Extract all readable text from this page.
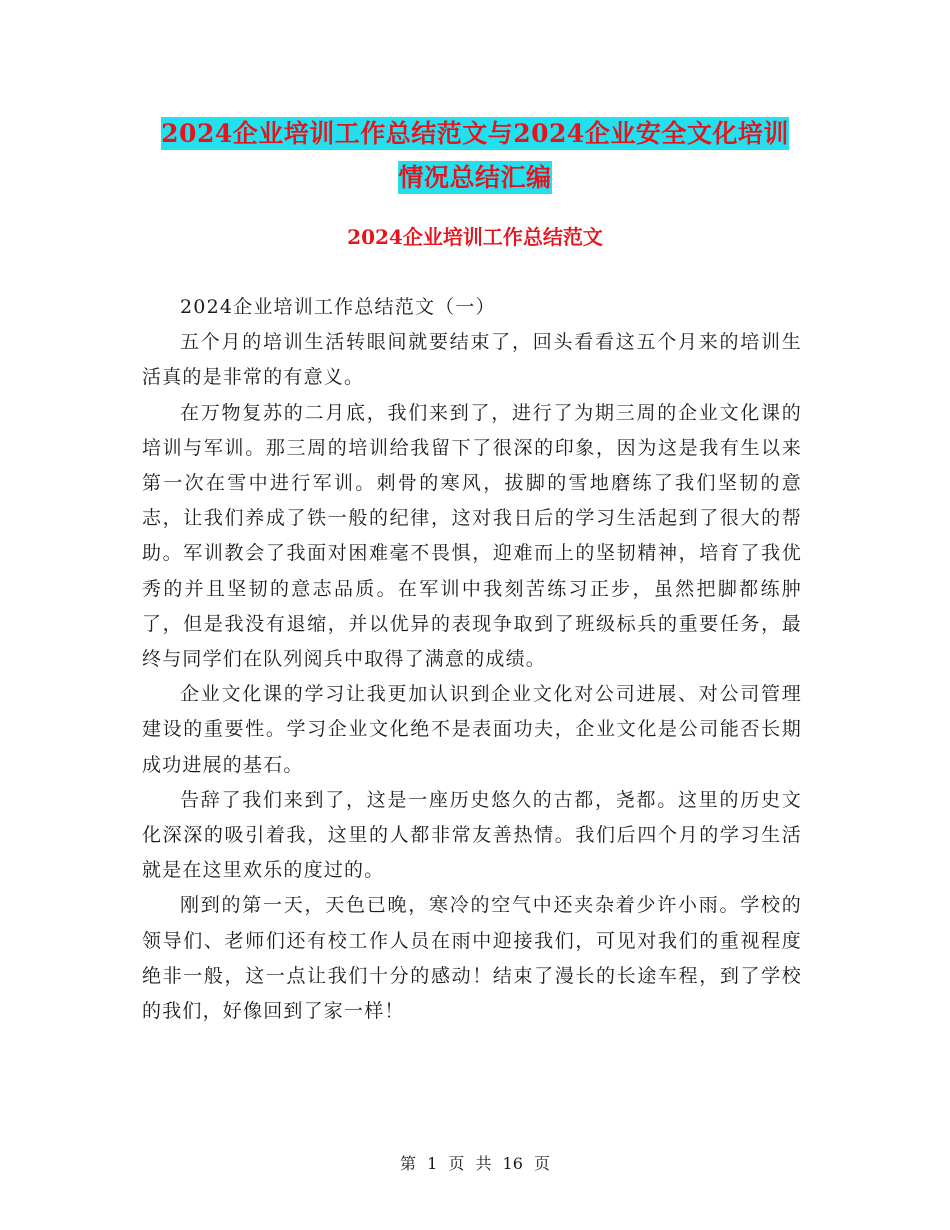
2024企业培训工作总结范文与2024企业安全文化培训
情况总结汇编
2024企业培训工作总结范文

2024企业培训工作总结范文（一）

五个月的培训生活转眼间就要结束了，回头看看这五个月来的培训生活真的是非常的有意义。

在万物复苏的二月底，我们来到了，进行了为期三周的企业文化课的培训与军训。那三周的培训给我留下了很深的印象，因为这是我有生以来第一次在雪中进行军训。刺骨的寒风，拔脚的雪地磨练了我们坚韧的意志，让我们养成了铁一般的纪律，这对我日后的学习生活起到了很大的帮助。军训教会了我面对困难毫不畏惧，迎难而上的坚韧精神，培育了我优秀的并且坚韧的意志品质。在军训中我刻苦练习正步，虽然把脚都练肿了，但是我没有退缩，并以优异的表现争取到了班级标兵的重要任务，最终与同学们在队列阅兵中取得了满意的成绩。

企业文化课的学习让我更加认识到企业文化对公司进展、对公司管理建设的重要性。学习企业文化绝不是表面功夫，企业文化是公司能否长期成功进展的基石。

告辞了我们来到了，这是一座历史悠久的古都，尧都。这里的历史文化深深的吸引着我，这里的人都非常友善热情。我们后四个月的学习生活就是在这里欢乐的度过的。

刚到的第一天，天色已晚，寒冷的空气中还夹杂着少许小雨。学校的领导们、老师们还有校工作人员在雨中迎接我们，可见对我们的重视程度绝非一般，这一点让我们十分的感动！结束了漫长的长途车程，到了学校的我们，好像回到了家一样！

第 1 页 共 16 页
